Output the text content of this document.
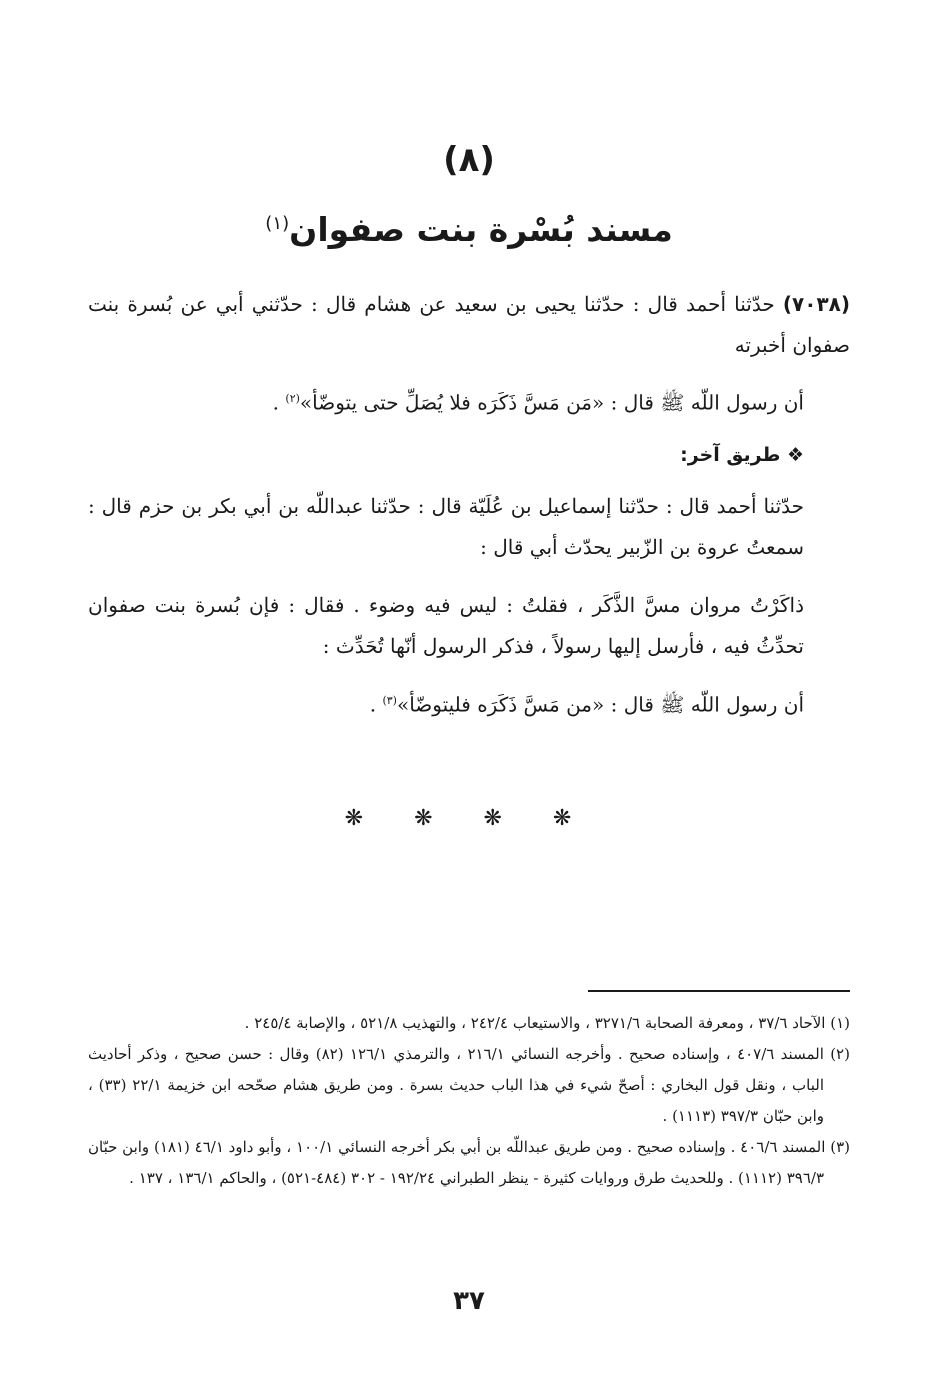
(٨)
مسند بُسْرة بنت صفوان$^{(١)}$

(٧٠٣٨) حدّثنا أحمد قال : حدّثنا يحيى بن سعيد عن هشام قال : حدّثني أبي عن بُسرة بنت صفوان أخبرته

أن رسول اللّه ﷺ قال : «مَن مَسَّ ذَكَرَه فلا يُصَلِّ حتى يتوضّأ»$^{(٢)}$ .

❖ طريق آخر:

حدّثنا أحمد قال : حدّثنا إسماعيل بن عُلَيّة قال : حدّثنا عبداللّه بن أبي بكر بن حزم قال : سمعتُ عروة بن الزّبير يحدّث أبي قال :

ذاكَرْتُ مروان مسَّ الذَّكَر ، فقلتُ : ليس فيه وضوء . فقال : فإن بُسرة بنت صفوان تحدِّثُ فيه ، فأرسل إليها رسولاً ، فذكر الرسول أنّها تُحَدِّث :

أن رسول اللّه ﷺ قال : «من مَسَّ ذَكَرَه فليتوضّأ»$^{(٣)}$ .

❋ ❋ ❋ ❋

(١) الآحاد ٣٧/٦ ، ومعرفة الصحابة ٣٢٧١/٦ ، والاستيعاب ٢٤٢/٤ ، والتهذيب ٥٢١/٨ ، والإصابة ٢٤٥/٤ .

(٢) المسند ٤٠٧/٦ ، وإسناده صحيح . وأخرجه النسائي ٢١٦/١ ، والترمذي ١٢٦/١ (٨٢) وقال : حسن صحيح ، وذكر أحاديث الباب ، ونقل قول البخاري : أصحّ شيء في هذا الباب حديث بسرة . ومن طريق هشام صحّحه ابن خزيمة ٢٢/١ (٣٣) ، وابن حبّان ٣٩٧/٣ (١١١٣) .

(٣) المسند ٤٠٦/٦ . وإسناده صحيح . ومن طريق عبداللّه بن أبي بكر أخرجه النسائي ١٠٠/١ ، وأبو داود ٤٦/١ (١٨١) وابن حبّان ٣٩٦/٣ (١١١٢) . وللحديث طرق وروايات كثيرة - ينظر الطبراني ١٩٢/٢٤ - ٣٠٢ (٤٨٤-٥٢١) ، والحاكم ١٣٦/١ ، ١٣٧ .

٣٧
